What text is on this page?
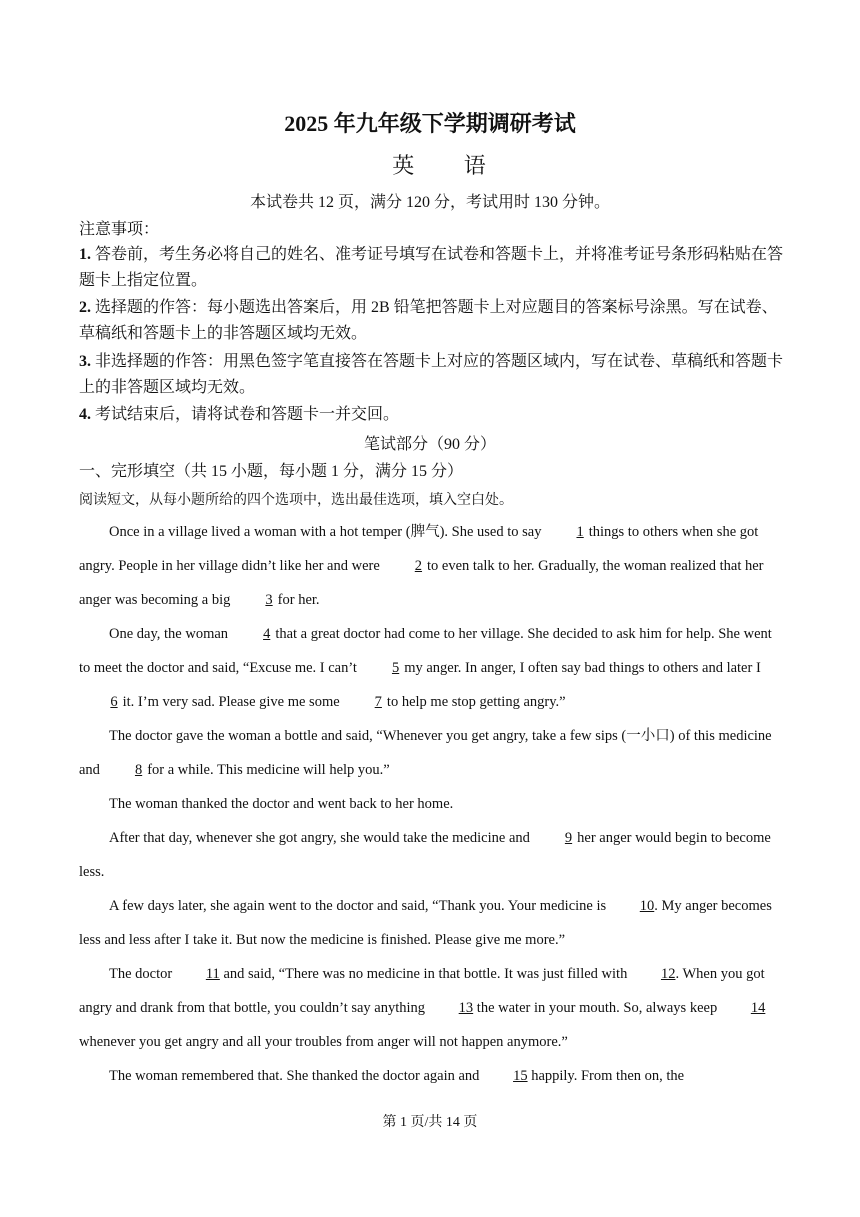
2025 年九年级下学期调研考试
英 语
本试卷共 12 页，满分 120 分，考试用时 130 分钟。
注意事项：
1. 答卷前，考生务必将自己的姓名、准考证号填写在试卷和答题卡上，并将准考证号条形码粘贴在答题卡上指定位置。
2. 选择题的作答：每小题选出答案后，用 2B 铅笔把答题卡上对应题目的答案标号涂黑。写在试卷、草稿纸和答题卡上的非答题区域均无效。
3. 非选择题的作答：用黑色签字笔直接答在答题卡上对应的答题区域内，写在试卷、草稿纸和答题卡上的非答题区域均无效。
4. 考试结束后，请将试卷和答题卡一并交回。
笔试部分（90 分）
一、完形填空（共 15 小题，每小题 1 分，满分 15 分）
阅读短文，从每小题所给的四个选项中，选出最佳选项，填入空白处。

Once in a village lived a woman with a hot temper (脾气). She used to say 1 things to others when she got angry. People in her village didn’t like her and were 2 to even talk to her. Gradually, the woman realized that her anger was becoming a big 3 for her.

One day, the woman 4 that a great doctor had come to her village. She decided to ask him for help. She went to meet the doctor and said, “Excuse me. I can’t 5 my anger. In anger, I often say bad things to others and later I 6 it. I’m very sad. Please give me some 7 to help me stop getting angry.”

The doctor gave the woman a bottle and said, “Whenever you get angry, take a few sips (一小口) of this medicine and 8 for a while. This medicine will help you.”

The woman thanked the doctor and went back to her home.

After that day, whenever she got angry, she would take the medicine and 9 her anger would begin to become less.

A few days later, she again went to the doctor and said, “Thank you. Your medicine is 10. My anger becomes less and less after I take it. But now the medicine is finished. Please give me more.”

The doctor 11 and said, “There was no medicine in that bottle. It was just filled with 12. When you got angry and drank from that bottle, you couldn’t say anything 13 the water in your mouth. So, always keep 14 whenever you get angry and all your troubles from anger will not happen anymore.”

The woman remembered that. She thanked the doctor again and 15 happily. From then on, the

第 1 页/共 14 页
